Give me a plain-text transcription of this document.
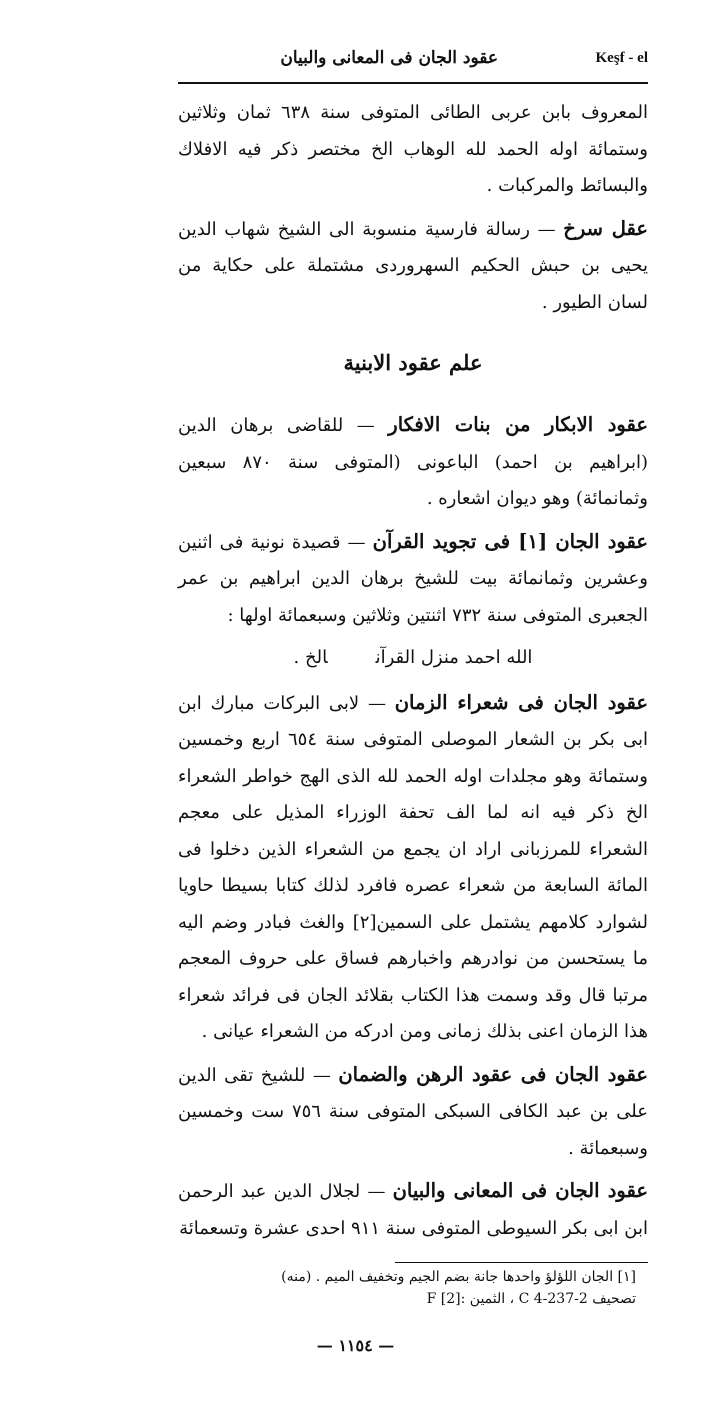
عقود الجان فى المعانى والبيان	Keşf - el

المعروف بابن عربى الطائى المتوفى سنة ٦٣٨ ثمان وثلاثين وستمائة اوله الحمد لله الوهاب الخ مختصر ذكر فيه الافلاك والبسائط والمركبات .

عقل سرخ — رسالة فارسية منسوبة الى الشيخ شهاب الدين يحيى بن حبش الحكيم السهروردى مشتملة على حكاية من لسان الطيور .

علم عقود الابنية

عقود الابكار من بنات الافكار — للقاضى برهان الدين (ابراهيم بن احمد) الباعونى (المتوفى سنة ٨٧٠ سبعين وثمانمائة) وهو ديوان اشعاره .

عقود الجان [١] فى تجويد القرآن — قصيدة نونية فى اثنين وعشرين وثمانمائة بيت للشيخ برهان الدين ابراهيم بن عمر الجعبرى المتوفى سنة ٧٣٢ اثنتين وثلاثين وسبعمائة اولها :

الله احمد منزل القرآنالخ .

عقود الجان فى شعراء الزمان — لابى البركات مبارك ابن ابى بكر بن الشعار الموصلى المتوفى سنة ٦٥٤ اربع وخمسين وستمائة وهو مجلدات اوله الحمد لله الذى الهج خواطر الشعراء الخ ذكر فيه انه لما الف تحفة الوزراء المذيل على معجم الشعراء للمرزبانى اراد ان يجمع من الشعراء الذين دخلوا فى المائة السابعة من شعراء عصره فافرد لذلك كتابا بسيطا حاويا لشوارد كلامهم يشتمل على السمين[٢] والغث فبادر وضم اليه ما يستحسن من نوادرهم واخبارهم فساق على حروف المعجم مرتبا قال وقد وسمت هذا الكتاب بقلائد الجان فى فرائد شعراء هذا الزمان اعنى بذلك زمانى ومن ادركه من الشعراء عيانى .

عقود الجان فى عقود الرهن والضمان — للشيخ تقى الدين على بن عبد الكافى السبكى المتوفى سنة ٧٥٦ ست وخمسين وسبعمائة .

عقود الجان فى المعانى والبيان — لجلال الدين عبد الرحمن ابن ابى بكر السيوطى المتوفى سنة ٩١١ احدى عشرة وتسعمائة

[١] الجان اللؤلؤ واحدها جانة بضم الجيم وتخفيف الميم . (منه)
تصحيف C 4-237-2 ، الثمين :F [2]
— ١١٥٤ —
